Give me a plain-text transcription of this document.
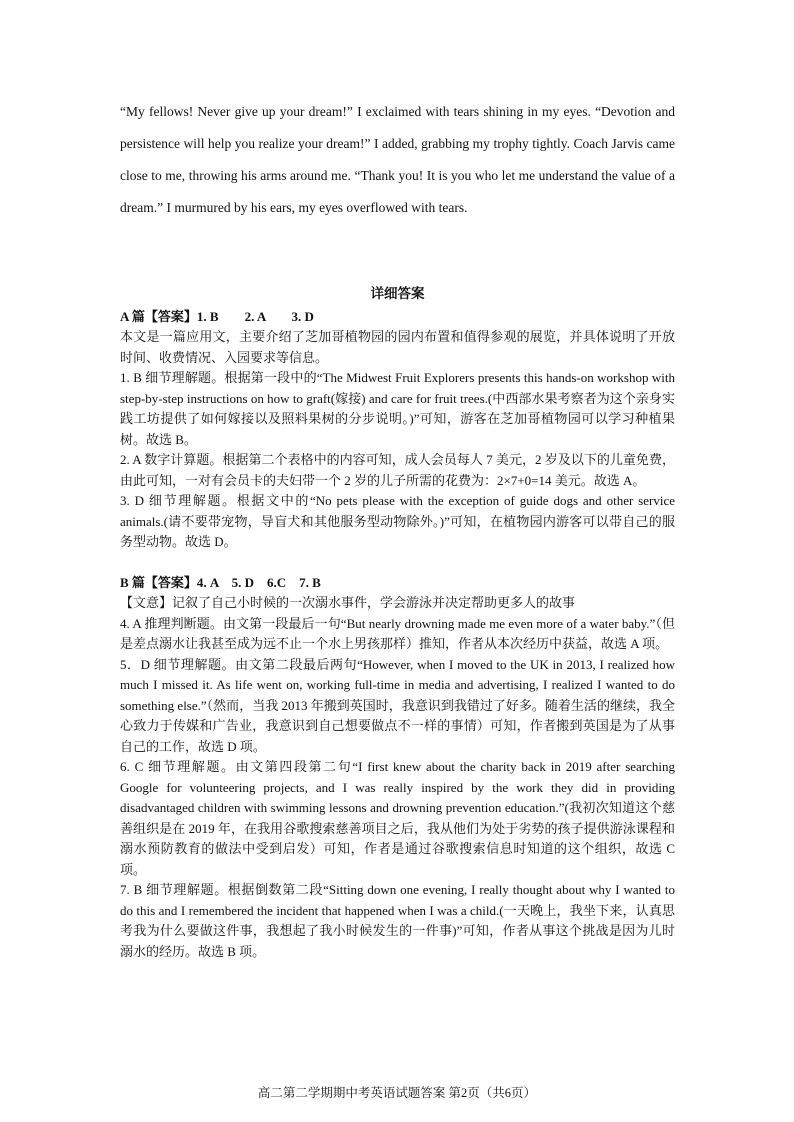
“My fellows! Never give up your dream!” I exclaimed with tears shining in my eyes. “Devotion and persistence will help you realize your dream!” I added, grabbing my trophy tightly. Coach Jarvis came close to me, throwing his arms around me. “Thank you! It is you who let me understand the value of a dream.” I murmured by his ears, my eyes overflowed with tears.

详细答案

A 篇【答案】1. B　　2. A　　3. D

本文是一篇应用文，主要介绍了芝加哥植物园的园内布置和值得参观的展览，并具体说明了开放时间、收费情况、入园要求等信息。

1. B 细节理解题。根据第一段中的“The Midwest Fruit Explorers presents this hands-on workshop with step-by-step instructions on how to graft(嫁接) and care for fruit trees.(中西部水果考察者为这个亲身实践工坊提供了如何嫁接以及照料果树的分步说明。)”可知，游客在芝加哥植物园可以学习种植果树。故选 B。

2. A 数字计算题。根据第二个表格中的内容可知，成人会员每人 7 美元，2 岁及以下的儿童免费，由此可知，一对有会员卡的夫妇带一个 2 岁的儿子所需的花费为：2×7+0=14 美元。故选 A。

3. D 细节理解题。根据文中的“No pets please with the exception of guide dogs and other service animals.(请不要带宠物，导盲犬和其他服务型动物除外。)”可知，在植物园内游客可以带自己的服务型动物。故选 D。

B 篇【答案】4. A　5. D　6.C　7. B

【文意】记叙了自己小时候的一次溺水事件，学会游泳并决定帮助更多人的故事

4. A 推理判断题。由文第一段最后一句“But nearly drowning made me even more of a water baby.”（但是差点溺水让我甚至成为远不止一个水上男孩那样）推知，作者从本次经历中获益，故选 A 项。

5．D 细节理解题。由文第二段最后两句“However, when I moved to the UK in 2013, I realized how much I missed it. As life went on, working full-time in media and advertising, I realized I wanted to do something else.”（然而，当我 2013 年搬到英国时，我意识到我错过了好多。随着生活的继续，我全心致力于传媒和广告业，我意识到自己想要做点不一样的事情）可知，作者搬到英国是为了从事自己的工作，故选 D 项。

6. C 细节理解题。由文第四段第二句“I first knew about the charity back in 2019 after searching Google for volunteering projects, and I was really inspired by the work they did in providing disadvantaged children with swimming lessons and drowning prevention education.”(我初次知道这个慈善组织是在 2019 年，在我用谷歌搜索慈善项目之后，我从他们为处于劣势的孩子提供游泳课程和溺水预防教育的做法中受到启发）可知，作者是通过谷歌搜索信息时知道的这个组织，故选 C 项。

7. B 细节理解题。根据倒数第二段“Sitting down one evening, I really thought about why I wanted to do this and I remembered the incident that happened when I was a child.(一天晚上，我坐下来，认真思考我为什么要做这件事，我想起了我小时候发生的一件事)”可知，作者从事这个挑战是因为儿时溺水的经历。故选 B 项。

高二第二学期期中考英语试题答案 第2页（共6页）
